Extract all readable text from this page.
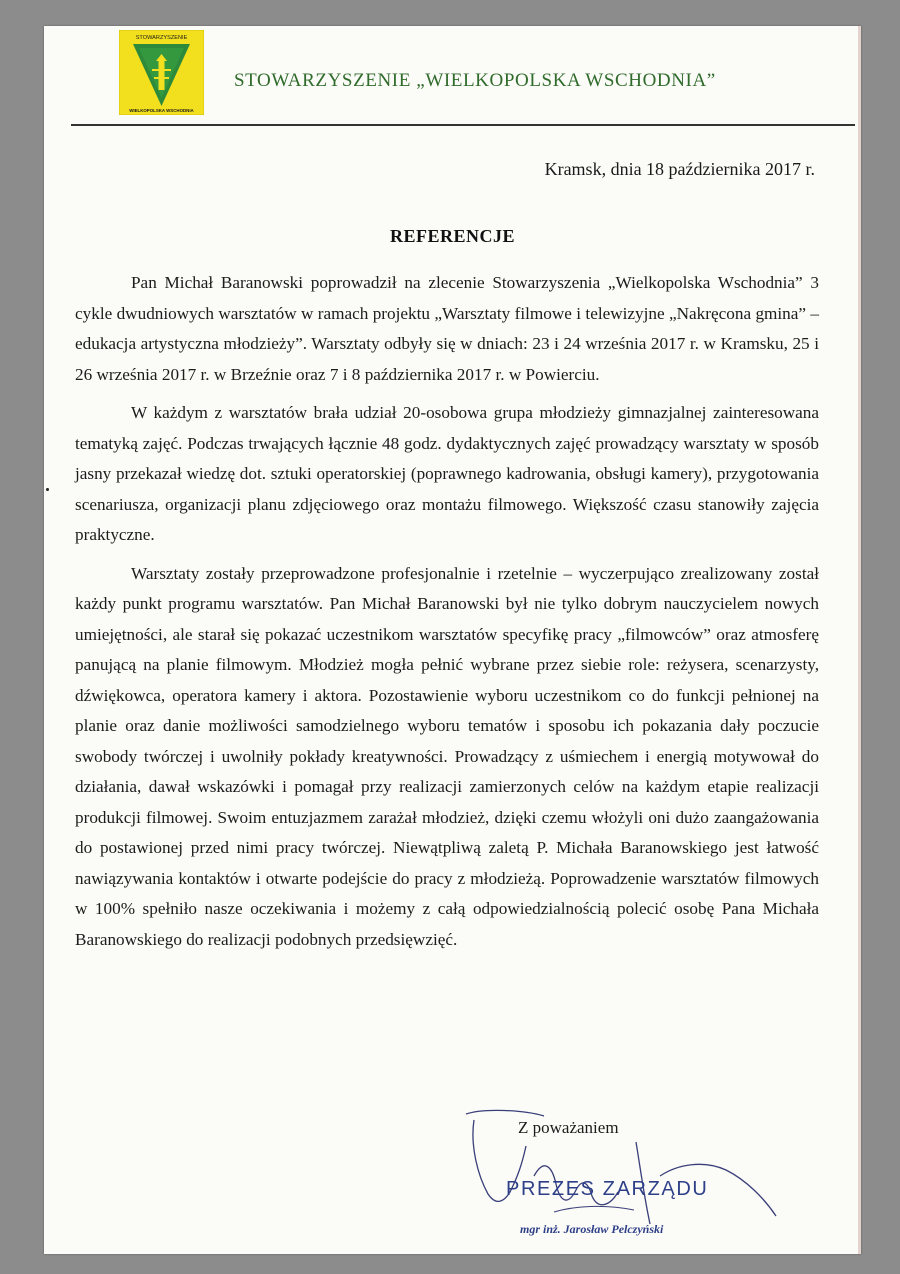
STOWARZYSZENIE
WIELKOPOLSKA WSCHODNIA
STOWARZYSZENIE „WIELKOPOLSKA WSCHODNIA”
Kramsk, dnia 18 października 2017 r.
REFERENCJE

Pan Michał Baranowski poprowadził na zlecenie Stowarzyszenia „Wielkopolska Wschodnia” 3 cykle dwudniowych warsztatów w ramach projektu „Warsztaty filmowe i telewizyjne „Nakręcona gmina” – edukacja artystyczna młodzieży”. Warsztaty odbyły się w dniach: 23 i 24 września 2017 r. w Kramsku, 25 i 26 września 2017 r. w Brzeźnie oraz 7 i 8 października 2017 r. w Powierciu.

W każdym z warsztatów brała udział 20-osobowa grupa młodzieży gimnazjalnej zainteresowana tematyką zajęć. Podczas trwających łącznie 48 godz. dydaktycznych zajęć prowadzący warsztaty w sposób jasny przekazał wiedzę dot. sztuki operatorskiej (poprawnego kadrowania, obsługi kamery), przygotowania scenariusza, organizacji planu zdjęciowego oraz montażu filmowego. Większość czasu stanowiły zajęcia praktyczne.

Warsztaty zostały przeprowadzone profesjonalnie i rzetelnie – wyczerpująco zrealizowany został każdy punkt programu warsztatów. Pan Michał Baranowski był nie tylko dobrym nauczycielem nowych umiejętności, ale starał się pokazać uczestnikom warsztatów specyfikę pracy „filmowców” oraz atmosferę panującą na planie filmowym. Młodzież mogła pełnić wybrane przez siebie role: reżysera, scenarzysty, dźwiękowca, operatora kamery i aktora. Pozostawienie wyboru uczestnikom co do funkcji pełnionej na planie oraz danie możliwości samodzielnego wyboru tematów i sposobu ich pokazania dały poczucie swobody twórczej i uwolniły pokłady kreatywności. Prowadzący z uśmiechem i energią motywował do działania, dawał wskazówki i pomagał przy realizacji zamierzonych celów na każdym etapie realizacji produkcji filmowej. Swoim entuzjazmem zarażał młodzież, dzięki czemu włożyli oni dużo zaangażowania do postawionej przed nimi pracy twórczej. Niewątpliwą zaletą P. Michała Baranowskiego jest łatwość nawiązywania kontaktów i otwarte podejście do pracy z młodzieżą. Poprowadzenie warsztatów filmowych w 100% spełniło nasze oczekiwania i możemy z całą odpowiedzialnością polecić osobę Pana Michała Baranowskiego do realizacji podobnych przedsięwzięć.

Z poważaniem
PREZES ZARZĄDU
mgr inż. Jarosław Pelczyński
